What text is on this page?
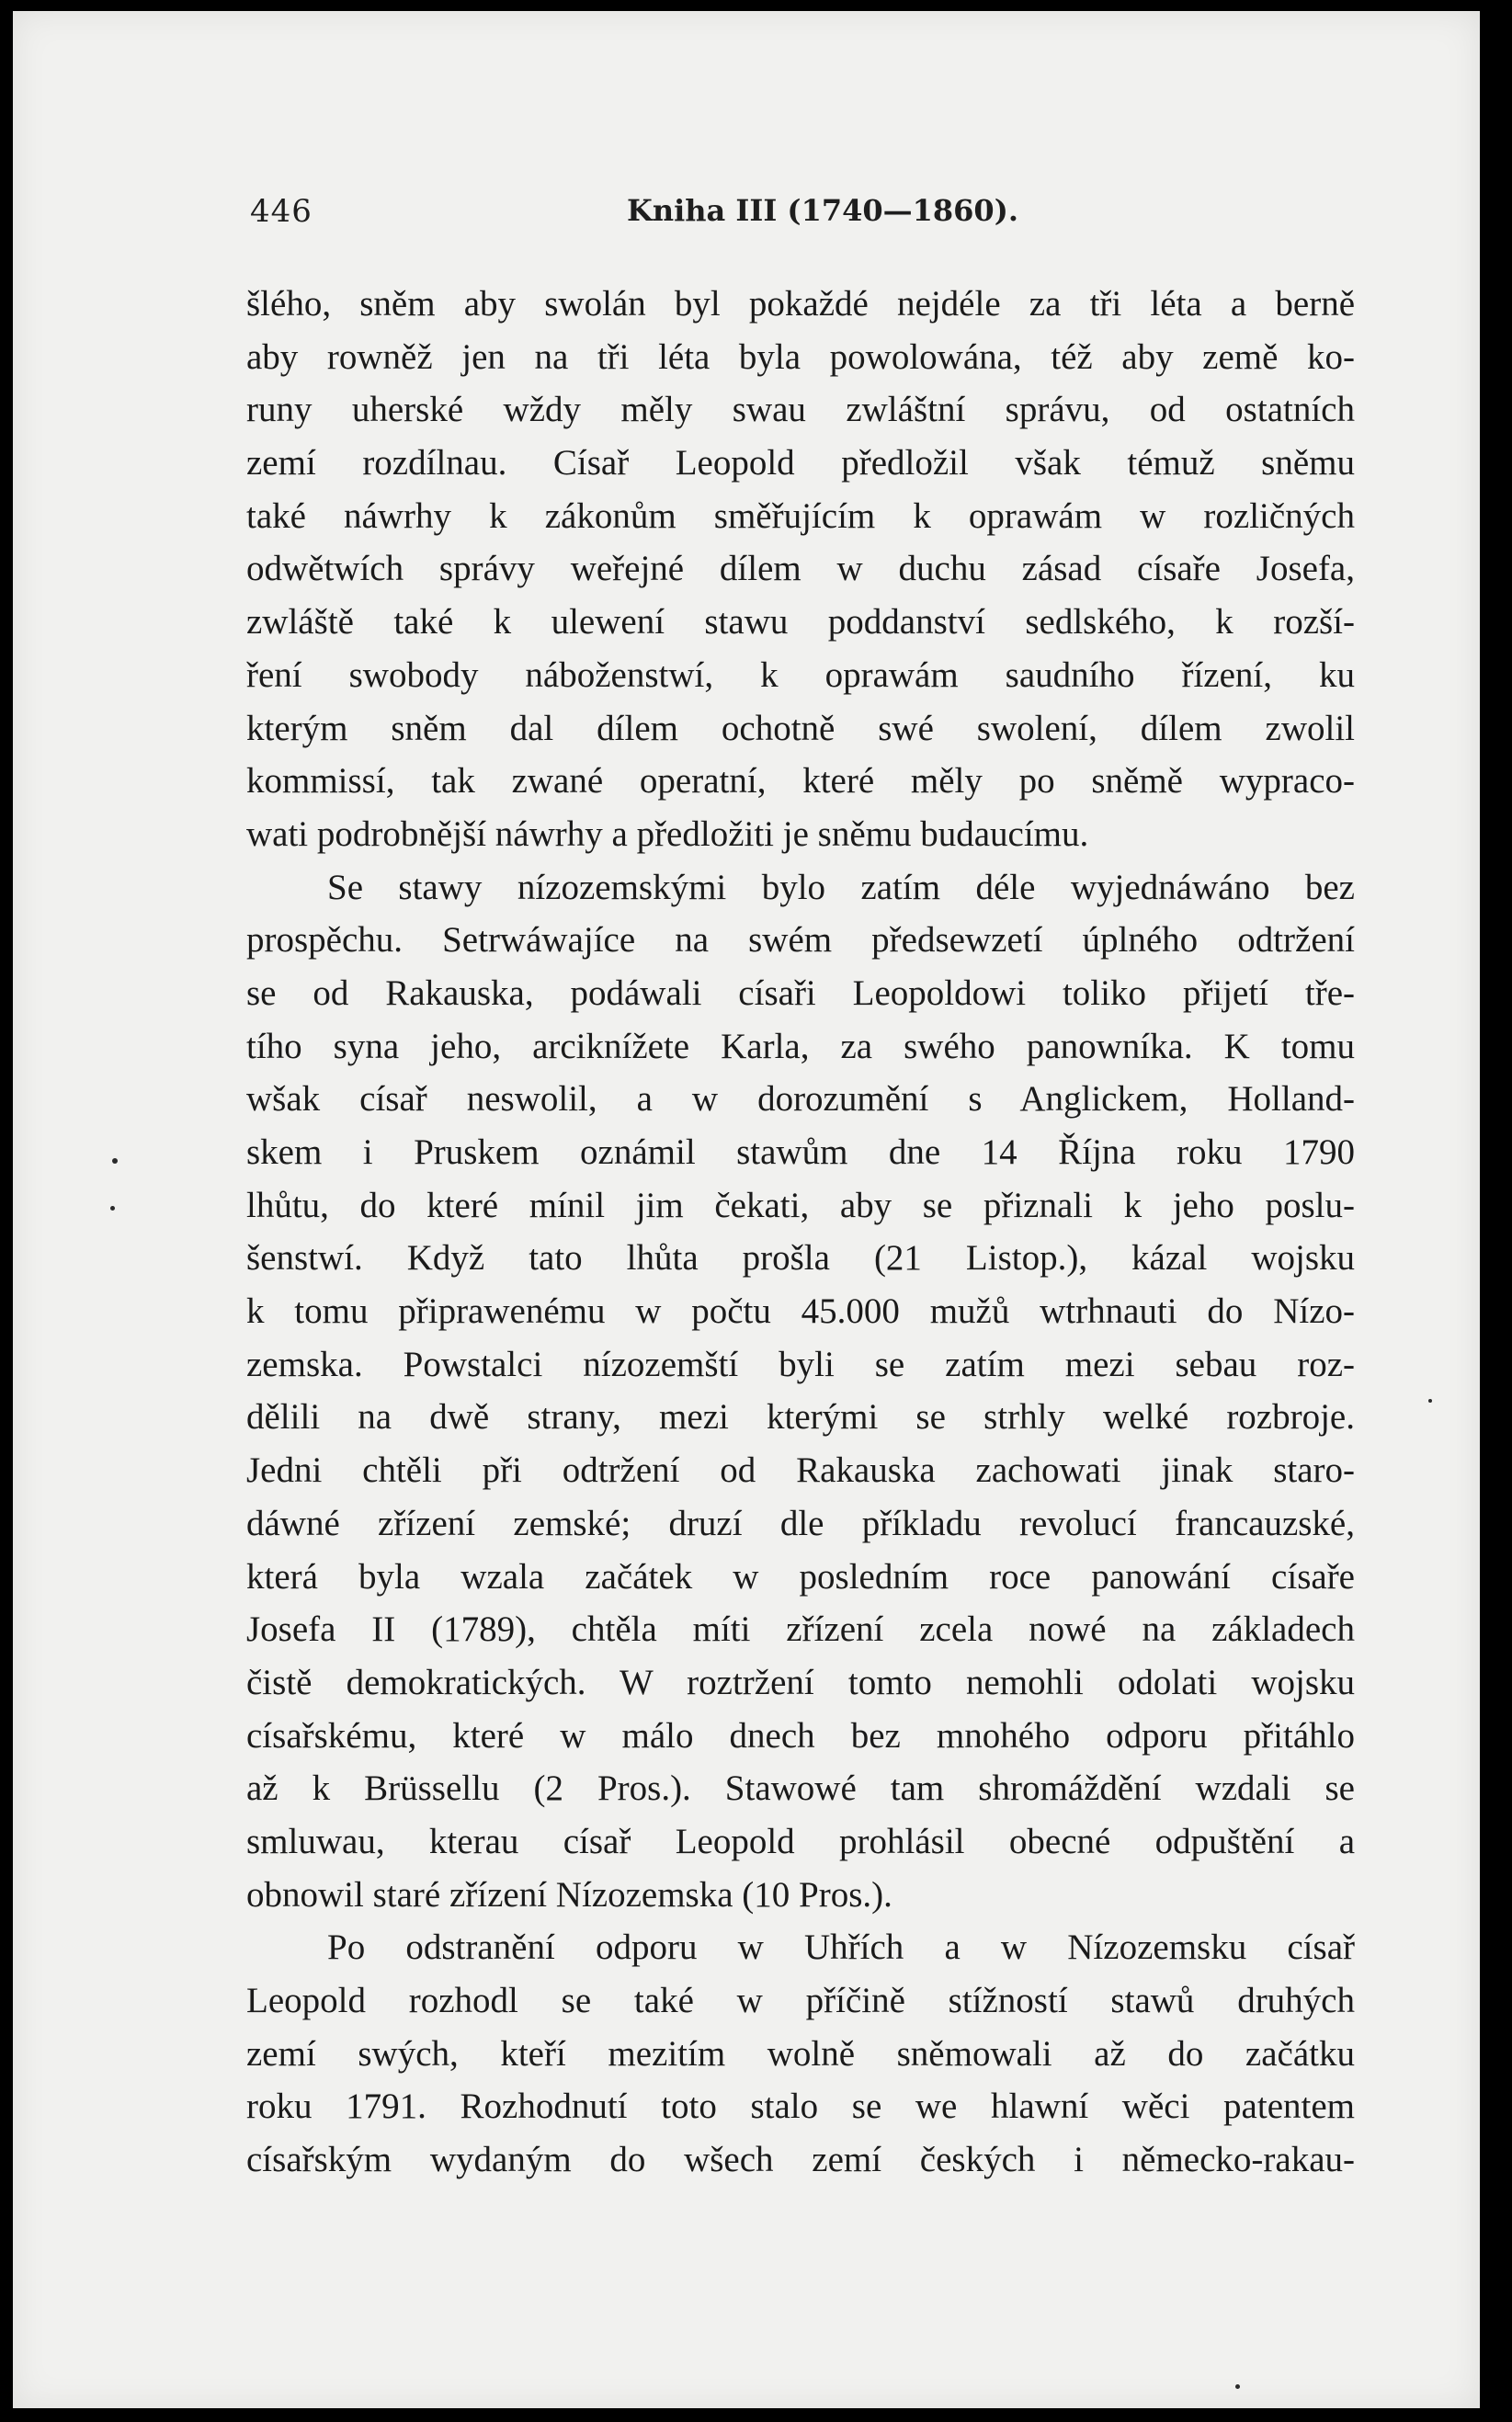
446	Kniha III (1740—1860).
šlého, sněm aby swolán byl pokaždé nejdéle za tři léta a berně
aby rowněž jen na tři léta byla powolowána, též aby země ko-
runy uherské wždy měly swau zwláštní správu, od ostatních
zemí rozdílnau. Císař Leopold předložil však témuž sněmu
také náwrhy k zákonům směřujícím k oprawám w rozličných
odwětwích správy weřejné dílem w duchu zásad císaře Josefa,
zwláště také k ulewení stawu poddanství sedlského, k rozší-
ření swobody náboženstwí, k oprawám saudního řízení, ku
kterým sněm dal dílem ochotně swé swolení, dílem zwolil
kommissí, tak zwané operatní, které měly po sněmě wypraco-
wati podrobnější náwrhy a předložiti je sněmu budaucímu.
Se stawy nízozemskými bylo zatím déle wyjednáwáno bez
prospěchu. Setrwáwajíce na swém předsewzetí úplného odtržení
se od Rakauska, podáwali císaři Leopoldowi toliko přijetí tře-
tího syna jeho, arciknížete Karla, za swého panowníka. K tomu
wšak císař neswolil, a w dorozumění s Anglickem, Holland-
skem i Pruskem oznámil stawům dne 14 Října roku 1790
lhůtu, do které mínil jim čekati, aby se přiznali k jeho poslu-
šenstwí. Když tato lhůta prošla (21 Listop.), kázal wojsku
k tomu připrawenému w počtu 45.000 mužů wtrhnauti do Nízo-
zemska. Powstalci nízozemští byli se zatím mezi sebau roz-
dělili na dwě strany, mezi kterými se strhly welké rozbroje.
Jedni chtěli při odtržení od Rakauska zachowati jinak staro-
dáwné zřízení zemské; druzí dle příkladu revolucí francauzské,
která byla wzala začátek w posledním roce panowání císaře
Josefa II (1789), chtěla míti zřízení zcela nowé na základech
čistě demokratických. W roztržení tomto nemohli odolati wojsku
císařskému, které w málo dnech bez mnohého odporu přitáhlo
až k Brüssellu (2 Pros.). Stawowé tam shromáždění wzdali se
smluwau, kterau císař Leopold prohlásil obecné odpuštění a
obnowil staré zřízení Nízozemska (10 Pros.).
Po odstranění odporu w Uhřích a w Nízozemsku císař
Leopold rozhodl se také w příčině stížností stawů druhých
zemí swých, kteří mezitím wolně sněmowali až do začátku
roku 1791. Rozhodnutí toto stalo se we hlawní wěci patentem
císařským wydaným do wšech zemí českých i německo-rakau-
